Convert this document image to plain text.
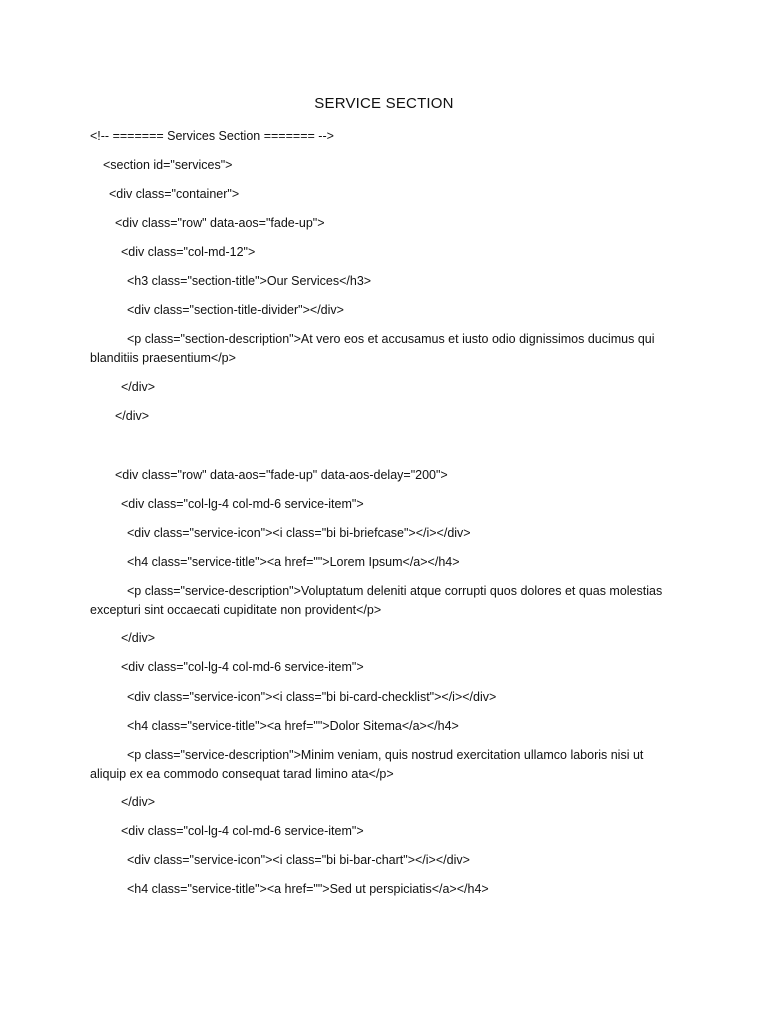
SERVICE SECTION
<!-- ======= Services Section ======= -->
<section id="services">
<div class="container">
<div class="row" data-aos="fade-up">
<div class="col-md-12">
<h3 class="section-title">Our Services</h3>
<div class="section-title-divider"></div>
<p class="section-description">At vero eos et accusamus et iusto odio dignissimos ducimus qui blanditiis praesentium</p>
</div>
</div>
<div class="row" data-aos="fade-up" data-aos-delay="200">
<div class="col-lg-4 col-md-6 service-item">
<div class="service-icon"><i class="bi bi-briefcase"></i></div>
<h4 class="service-title"><a href="">Lorem Ipsum</a></h4>
<p class="service-description">Voluptatum deleniti atque corrupti quos dolores et quas molestias excepturi sint occaecati cupiditate non provident</p>
</div>
<div class="col-lg-4 col-md-6 service-item">
<div class="service-icon"><i class="bi bi-card-checklist"></i></div>
<h4 class="service-title"><a href="">Dolor Sitema</a></h4>
<p class="service-description">Minim veniam, quis nostrud exercitation ullamco laboris nisi ut aliquip ex ea commodo consequat tarad limino ata</p>
</div>
<div class="col-lg-4 col-md-6 service-item">
<div class="service-icon"><i class="bi bi-bar-chart"></i></div>
<h4 class="service-title"><a href="">Sed ut perspiciatis</a></h4>
